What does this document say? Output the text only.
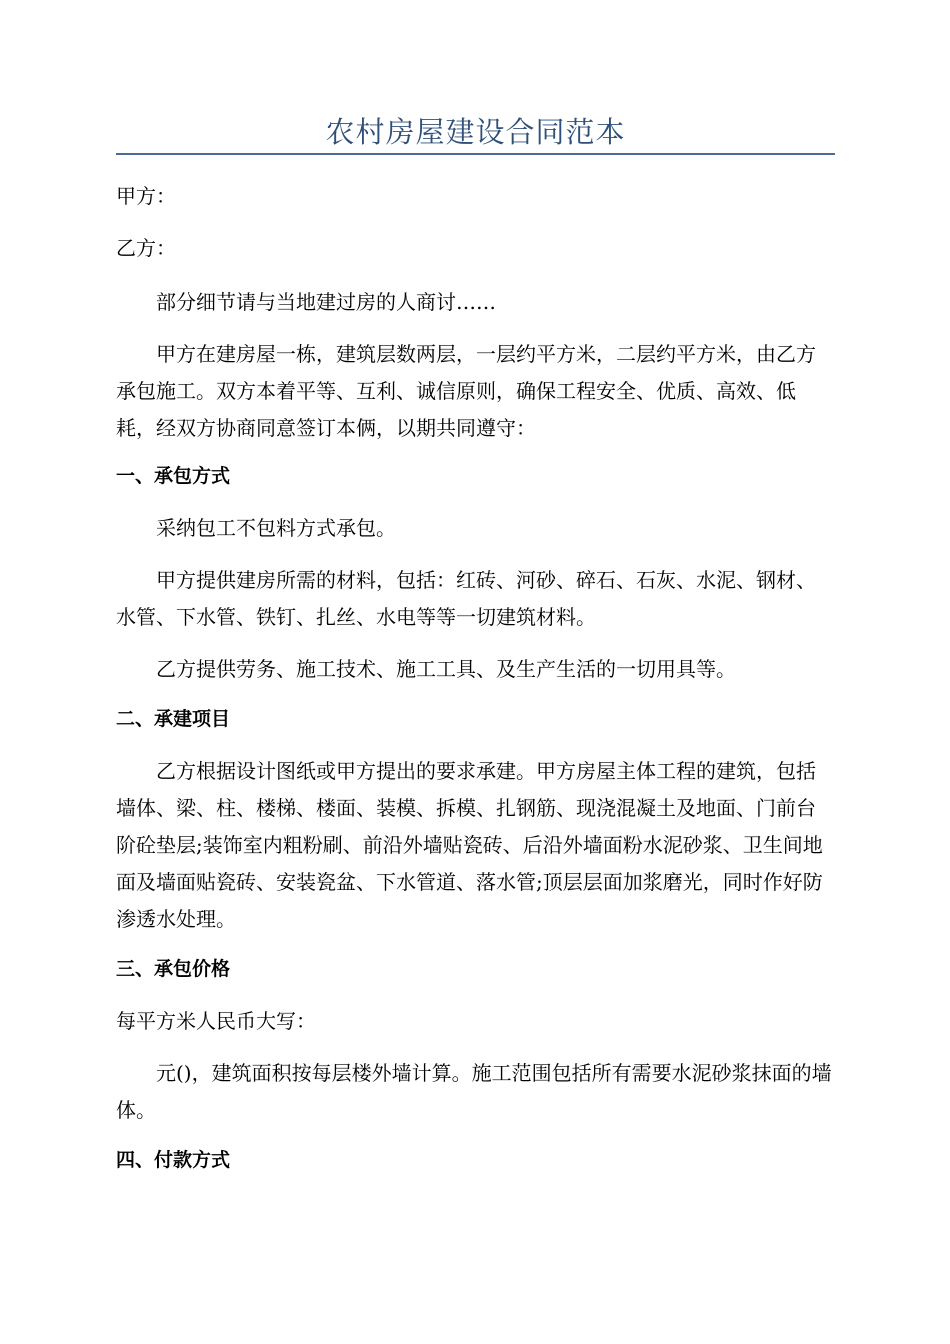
农村房屋建设合同范本

甲方：

乙方：

部分细节请与当地建过房的人商讨……

甲方在建房屋一栋，建筑层数两层，一层约平方米，二层约平方米，由乙方承包施工。双方本着平等、互利、诚信原则，确保工程安全、优质、高效、低耗，经双方协商同意签订本俩，以期共同遵守：

一、承包方式

采纳包工不包料方式承包。

甲方提供建房所需的材料，包括：红砖、河砂、碎石、石灰、水泥、钢材、水管、下水管、铁钉、扎丝、水电等等一切建筑材料。

乙方提供劳务、施工技术、施工工具、及生产生活的一切用具等。

二、承建项目

乙方根据设计图纸或甲方提出的要求承建。甲方房屋主体工程的建筑，包括墙体、梁、柱、楼梯、楼面、装模、拆模、扎钢筋、现浇混凝土及地面、门前台阶砼垫层;装饰室内粗粉刷、前沿外墙贴瓷砖、后沿外墙面粉水泥砂浆、卫生间地面及墙面贴瓷砖、安装瓷盆、下水管道、落水管;顶层层面加浆磨光，同时作好防渗透水处理。

三、承包价格

每平方米人民币大写：

元()，建筑面积按每层楼外墙计算。施工范围包括所有需要水泥砂浆抹面的墙体。

四、付款方式
